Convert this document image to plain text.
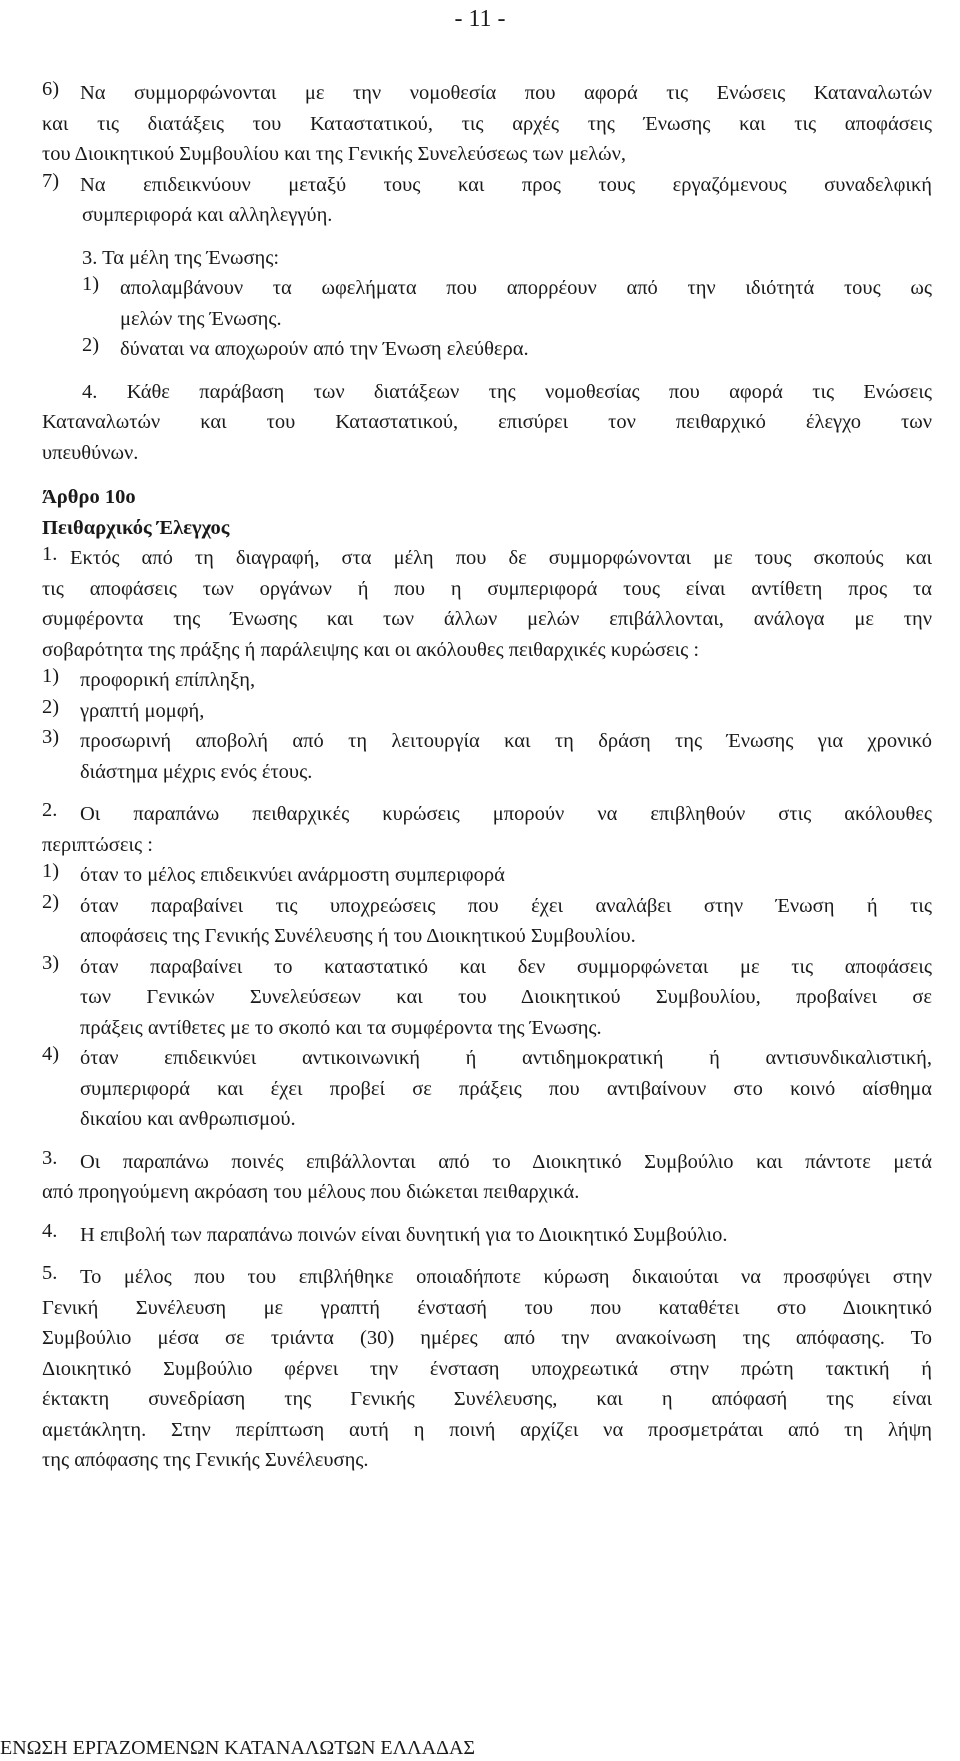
- 11 -
6)	Να συμμορφώνονται με την νομοθεσία που αφορά τις Ενώσεις Καταναλωτών
και τις διατάξεις του Καταστατικού, τις αρχές της Ένωσης και τις αποφάσεις
του Διοικητικού Συμβουλίου και της Γενικής Συνελεύσεως των μελών,
7)	Να επιδεικνύουν μεταξύ τους και προς τους εργαζόμενους συναδελφική
συμπεριφορά και αλληλεγγύη.
3. Τα μέλη της Ένωσης:
1)	απολαμβάνουν τα ωφελήματα που απορρέουν από την ιδιότητά τους ως
μελών της Ένωσης.
2)	δύναται να αποχωρούν από την Ένωση ελεύθερα.
4. Κάθε παράβαση των διατάξεων της νομοθεσίας που αφορά τις Ενώσεις
Καταναλωτών και του Καταστατικού, επισύρει τον πειθαρχικό έλεγχο των
υπευθύνων.
Άρθρο 10ο
Πειθαρχικός Έλεγχος
1. Εκτός από τη διαγραφή, στα μέλη που δε συμμορφώνονται με τους σκοπούς και
τις αποφάσεις των οργάνων ή που η συμπεριφορά τους είναι αντίθετη προς τα
συμφέροντα της Ένωσης και των άλλων μελών επιβάλλονται, ανάλογα με την
σοβαρότητα της πράξης ή παράλειψης και οι ακόλουθες πειθαρχικές κυρώσεις :
1)	προφορική επίπληξη,
2)	γραπτή μομφή,
3)	προσωρινή αποβολή από τη λειτουργία και τη δράση της Ένωσης για χρονικό
διάστημα μέχρις ενός έτους.
2.	Οι παραπάνω πειθαρχικές κυρώσεις μπορούν να επιβληθούν στις ακόλουθες
περιπτώσεις :
1)	όταν το μέλος επιδεικνύει ανάρμοστη συμπεριφορά
2)	όταν παραβαίνει τις υποχρεώσεις που έχει αναλάβει στην Ένωση ή τις
αποφάσεις της Γενικής Συνέλευσης ή του Διοικητικού Συμβουλίου.
3)	όταν παραβαίνει το καταστατικό και δεν συμμορφώνεται με τις αποφάσεις
των Γενικών Συνελεύσεων και του Διοικητικού Συμβουλίου, προβαίνει σε
πράξεις αντίθετες με το σκοπό και τα συμφέροντα της Ένωσης.
4)	όταν επιδεικνύει αντικοινωνική ή αντιδημοκρατική ή αντισυνδικαλιστική,
συμπεριφορά και έχει προβεί σε πράξεις που αντιβαίνουν στο κοινό αίσθημα
δικαίου και ανθρωπισμού.
3.	Οι παραπάνω ποινές επιβάλλονται από το Διοικητικό Συμβούλιο και πάντοτε μετά
από προηγούμενη ακρόαση του μέλους που διώκεται πειθαρχικά.
4.	Η επιβολή των παραπάνω ποινών είναι δυνητική για το Διοικητικό Συμβούλιο.
5.	Το μέλος που του επιβλήθηκε οποιαδήποτε κύρωση δικαιούται να προσφύγει στην
Γενική Συνέλευση με γραπτή ένστασή του που καταθέτει στο Διοικητικό
Συμβούλιο μέσα σε τριάντα (30) ημέρες από την ανακοίνωση της απόφασης. Το
Διοικητικό Συμβούλιο φέρνει την ένσταση υποχρεωτικά στην πρώτη τακτική ή
έκτακτη συνεδρίαση της Γενικής Συνέλευσης, και η απόφασή της είναι
αμετάκλητη. Στην περίπτωση αυτή η ποινή αρχίζει να προσμετράται από τη λήψη
της απόφασης της Γενικής Συνέλευσης.
ΕΝΩΣΗ ΕΡΓΑΖΟΜΕΝΩΝ ΚΑΤΑΝΑΛΩΤΩΝ ΕΛΛΑΔΑΣ
